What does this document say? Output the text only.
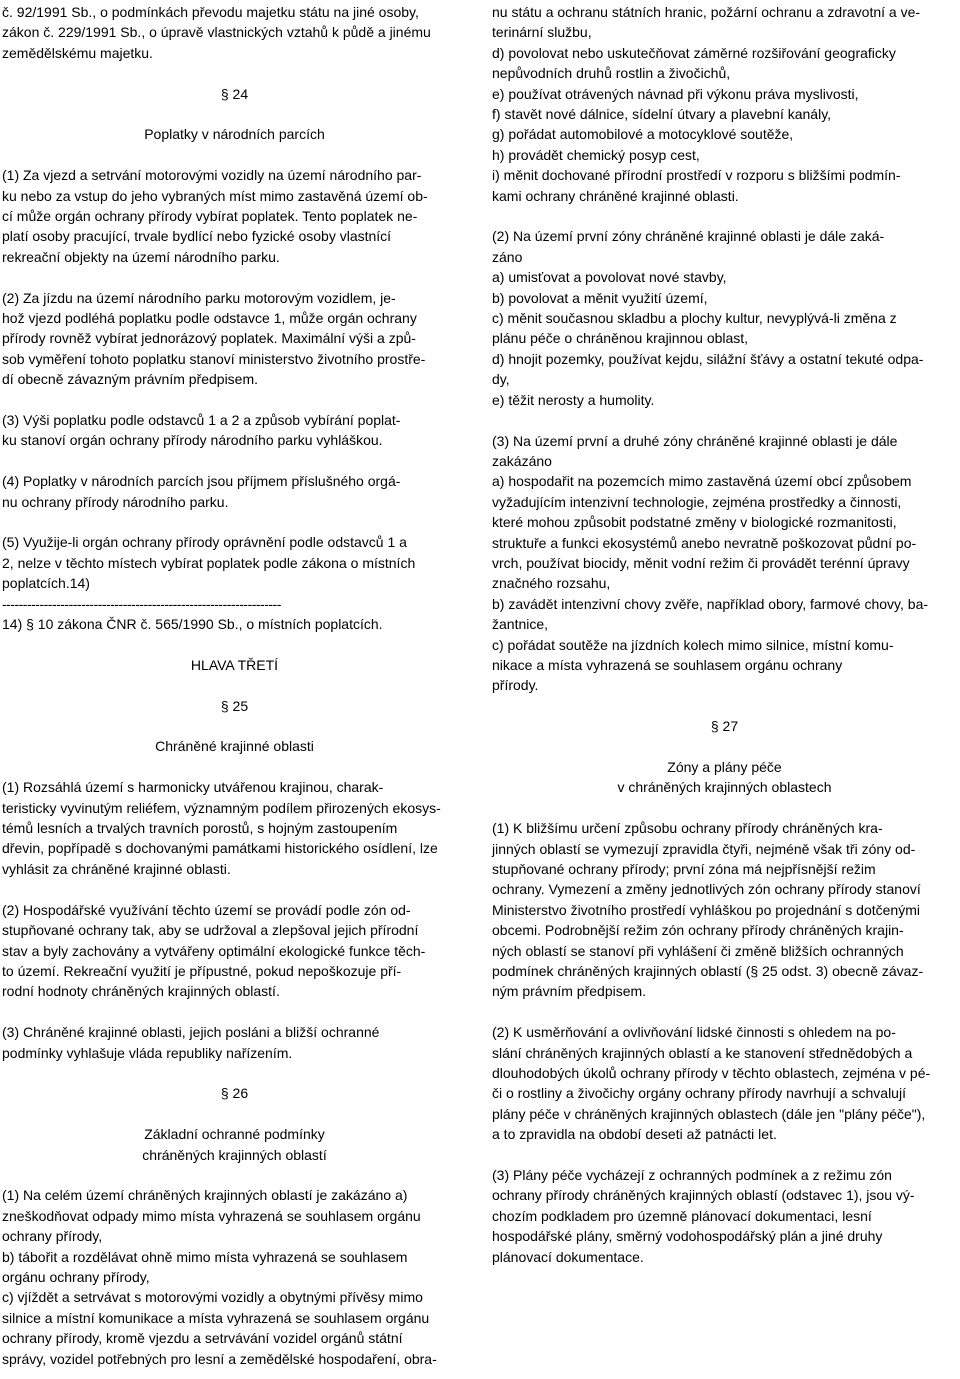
č. 92/1991 Sb., o podmínkách převodu majetku státu na jiné osoby,

zákon č. 229/1991 Sb., o úpravě vlastnických vztahů k půdě a jinému

zemědělskému majetku.

§ 24

Poplatky v národních parcích

(1) Za vjezd a setrvání motorovými vozidly na území národního par-

ku nebo za vstup do jeho vybraných míst mimo zastavěná území ob-

cí může orgán ochrany přírody vybírat poplatek. Tento poplatek ne-

platí osoby pracující, trvale bydlící nebo fyzické osoby vlastnící

rekreační objekty na území národního parku.

(2) Za jízdu na území národního parku motorovým vozidlem, je-

hož vjezd podléhá poplatku podle odstavce 1, může orgán ochrany

přírody rovněž vybírat jednorázový poplatek. Maximální výši a způ-

sob vyměření tohoto poplatku stanoví ministerstvo životního prostře-

dí obecně závazným právním předpisem.

(3) Výši poplatku podle odstavců 1 a 2 a způsob vybírání poplat-

ku stanoví orgán ochrany přírody národního parku vyhláškou.

(4) Poplatky v národních parcích jsou příjmem příslušného orgá-

nu ochrany přírody národního parku.

(5) Využije-li orgán ochrany přírody oprávnění podle odstavců 1 a

2, nelze v těchto místech vybírat poplatek podle zákona o místních

poplatcích.14)

-------------------------------------------------------------------

14) § 10 zákona ČNR č. 565/1990 Sb., o místních poplatcích.

HLAVA TŘETÍ

§ 25

Chráněné krajinné oblasti

(1) Rozsáhlá území s harmonicky utvářenou krajinou, charak-

teristicky vyvinutým reliéfem, významným podílem přirozených ekosys-

témů lesních a trvalých travních porostů, s hojným zastoupením

dřevin, popřípadě s dochovanými památkami historického osídlení, lze

vyhlásit za chráněné krajinné oblasti.

(2) Hospodářské využívání těchto území se provádí podle zón od-

stupňované ochrany tak, aby se udržoval a zlepšoval jejich přírodní

stav a byly zachovány a vytvářeny optimální ekologické funkce těch-

to území. Rekreační využití je přípustné, pokud nepoškozuje pří-

rodní hodnoty chráněných krajinných oblastí.

(3) Chráněné krajinné oblasti, jejich posláni a bližší ochranné

podmínky vyhlašuje vláda republiky nařízením.

§ 26

Základní ochranné podmínky

chráněných krajinných oblastí

(1) Na celém území chráněných krajinných oblastí je zakázáno a)

zneškodňovat odpady mimo místa vyhrazená se souhlasem orgánu

ochrany přírody,

b) tábořit a rozdělávat ohně mimo místa vyhrazená se souhlasem

orgánu ochrany přírody,

c) vjíždět a setrvávat s motorovými vozidly a obytnými přívěsy mimo

silnice a místní komunikace a místa vyhrazená se souhlasem orgánu

ochrany přírody, kromě vjezdu a setrvávání vozidel orgánů státní

správy, vozidel potřebných pro lesní a zemědělské hospodaření, obra-

nu státu a ochranu státních hranic, požární ochranu a zdravotní a ve-

terinární službu,

d) povolovat nebo uskutečňovat záměrné rozšiřování geograficky

nepůvodních druhů rostlin a živočichů,

e) používat otrávených návnad při výkonu práva myslivosti,

f) stavět nové dálnice, sídelní útvary a plavební kanály,

g) pořádat automobilové a motocyklové soutěže,

h) provádět chemický posyp cest,

i) měnit dochované přírodní prostředí v rozporu s bližšími podmín-

kami ochrany chráněné krajinné oblasti.

(2) Na území první zóny chráněné krajinné oblasti je dále zaká-

záno

a) umisťovat a povolovat nové stavby,

b) povolovat a měnit využití území,

c) měnit současnou skladbu a plochy kultur, nevyplývá-li změna z

plánu péče o chráněnou krajinnou oblast,

d) hnojit pozemky, používat kejdu, silážní šťávy a ostatní tekuté odpa-

dy,

e) těžit nerosty a humolity.

(3) Na území první a druhé zóny chráněné krajinné oblasti je dále

zakázáno

a) hospodařit na pozemcích mimo zastavěná území obcí způsobem

vyžadujícím intenzivní technologie, zejména prostředky a činnosti,

které mohou způsobit podstatné změny v biologické rozmanitosti,

struktuře a funkci ekosystémů anebo nevratně poškozovat půdní po-

vrch, používat biocidy, měnit vodní režim či provádět terénní úpravy

značného rozsahu,

b) zavádět intenzivní chovy zvěře, například obory, farmové chovy, ba-

žantnice,

c) pořádat soutěže na jízdních kolech mimo silnice, místní komu-

nikace a místa vyhrazená se souhlasem orgánu ochrany

přírody.

§ 27

Zóny a plány péče

v chráněných krajinných oblastech

(1) K bližšímu určení způsobu ochrany přírody chráněných kra-

jinných oblastí se vymezují zpravidla čtyři, nejméně však tři zóny od-

stupňované ochrany přírody; první zóna má nejpřísnější režim

ochrany. Vymezení a změny jednotlivých zón ochrany přírody stanoví

Ministerstvo životního prostředí vyhláškou po projednání s dotčenými

obcemi. Podrobnější režim zón ochrany přírody chráněných krajin-

ných oblastí se stanoví při vyhlášení či změně bližších ochranných

podmínek chráněných krajinných oblastí (§ 25 odst. 3) obecně závaz-

ným právním předpisem.

(2) K usměrňování a ovlivňování lidské činnosti s ohledem na po-

slání chráněných krajinných oblastí a ke stanovení střednědobých a

dlouhodobých úkolů ochrany přírody v těchto oblastech, zejména v pé-

či o rostliny a živočichy orgány ochrany přírody navrhují a schvalují

plány péče v chráněných krajinných oblastech (dále jen "plány péče"),

a to zpravidla na období deseti až patnácti let.

(3) Plány péče vycházejí z ochranných podmínek a z režimu zón

ochrany přírody chráněných krajinných oblastí (odstavec 1), jsou vý-

chozím podkladem pro územně plánovací dokumentaci, lesní

hospodářské plány, směrný vodohospodářský plán a jiné druhy

plánovací dokumentace.
